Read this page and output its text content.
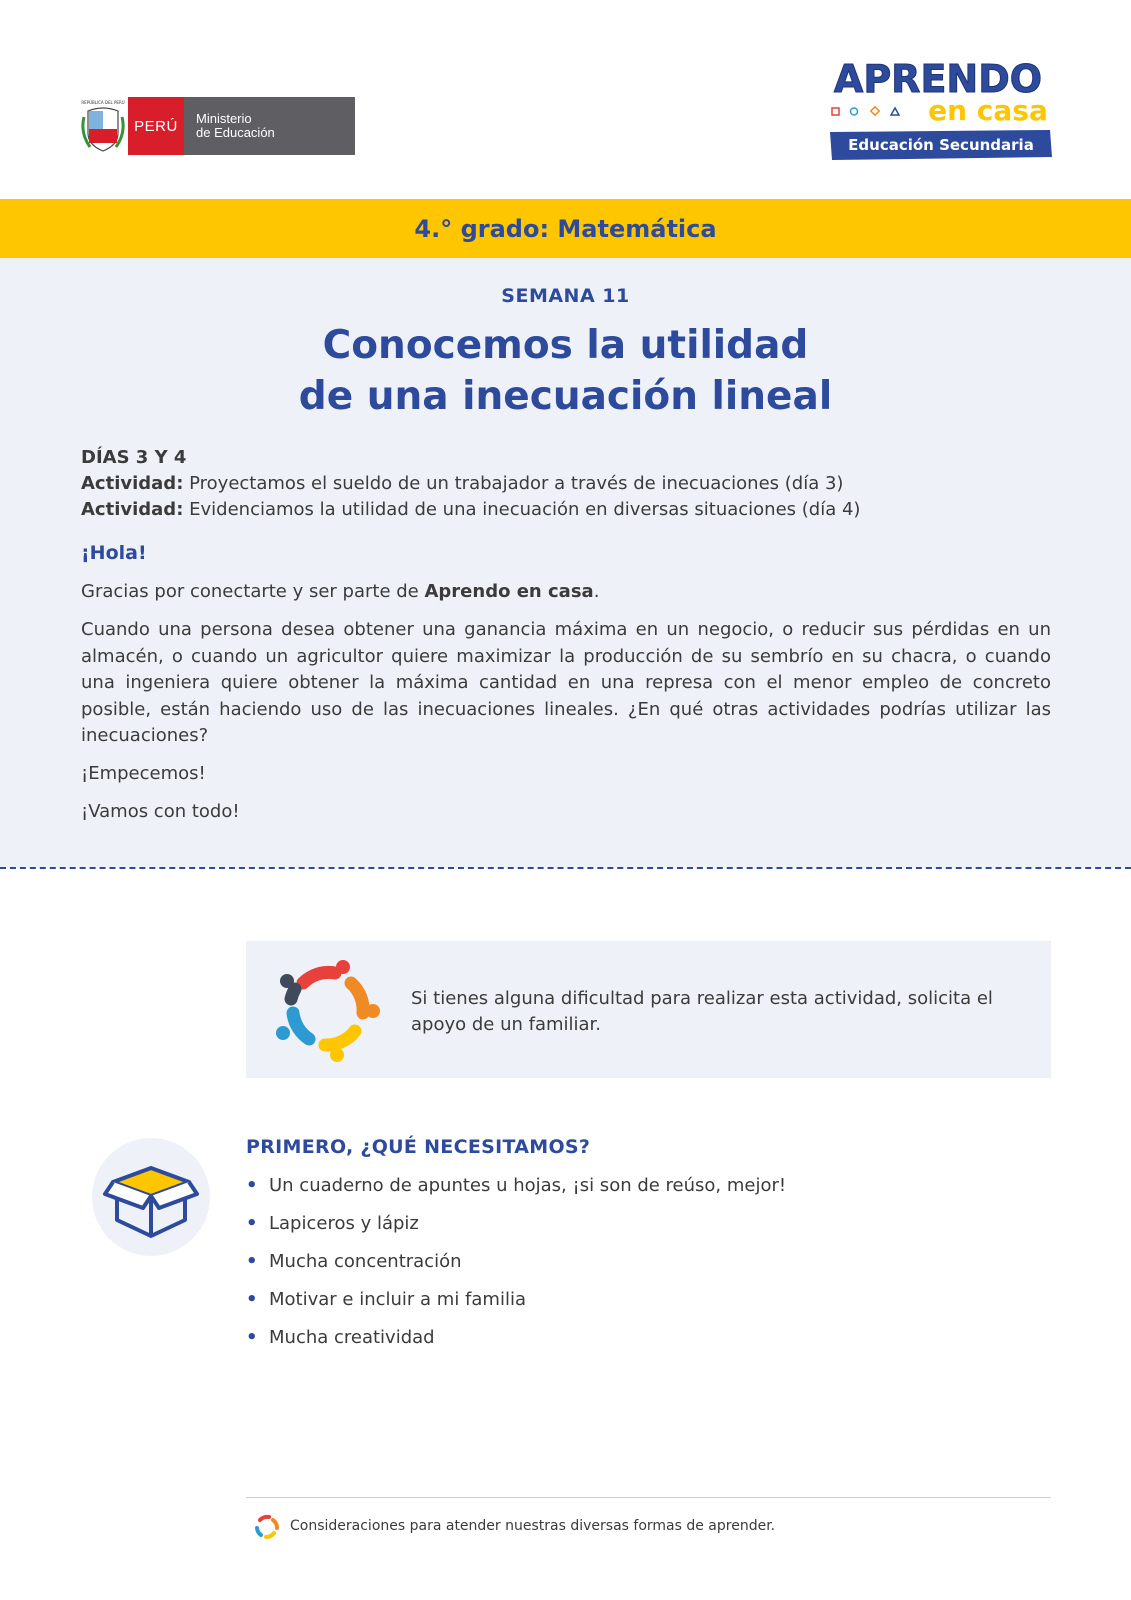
REPÚBLICA DEL PERÚ
PERÚ	Ministerio
de Educación
APRENDO
en casa
Educación Secundaria
4.° grado: Matemática
SEMANA 11
Conocemos la utilidad
de una inecuación lineal
DÍAS 3 Y 4
Actividad: Proyectamos el sueldo de un trabajador a través de inecuaciones (día 3)
Actividad: Evidenciamos la utilidad de una inecuación en diversas situaciones (día 4)
¡Hola!
Gracias por conectarte y ser parte de Aprendo en casa.
Cuando una persona desea obtener una ganancia máxima en un negocio, o reducir sus pérdidas en un almacén, o cuando un agricultor quiere maximizar la producción de su sembrío en su chacra, o cuando una ingeniera quiere obtener la máxima cantidad en una represa con el menor empleo de concreto posible, están haciendo uso de las inecuaciones lineales. ¿En qué otras actividades podrías utilizar las inecuaciones?
¡Empecemos!
¡Vamos con todo!
Si tienes alguna dificultad para realizar esta actividad, solicita el apoyo de un familiar.
PRIMERO, ¿QUÉ NECESITAMOS?
• Un cuaderno de apuntes u hojas, ¡si son de reúso, mejor!
• Lapiceros y lápiz
• Mucha concentración
• Motivar e incluir a mi familia
• Mucha creatividad
Consideraciones para atender nuestras diversas formas de aprender.
